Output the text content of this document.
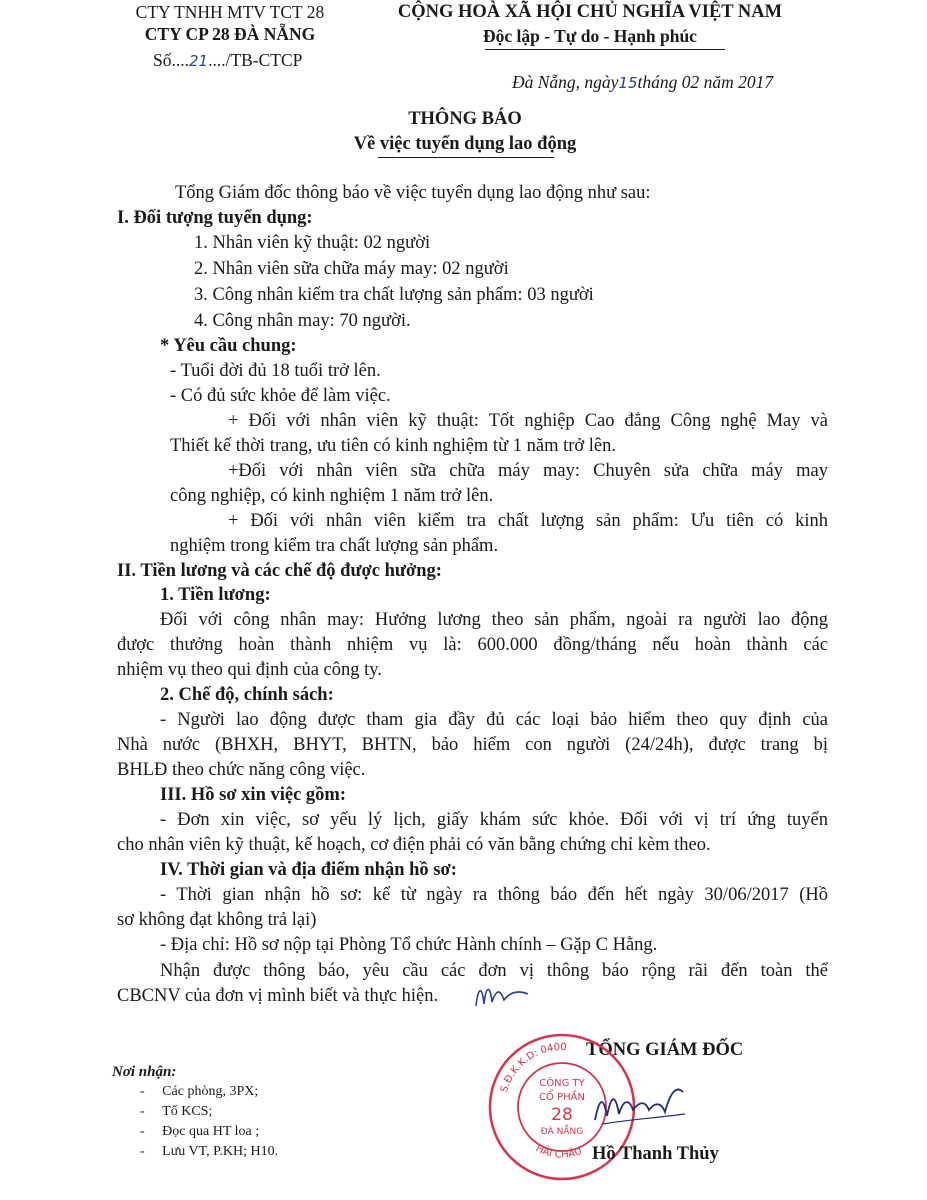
CTY TNHH MTV TCT 28
CTY CP 28 ĐÀ NẴNG
Số....21..../TB-CTCP
CỘNG HOÀ XÃ HỘI CHỦ NGHĨA VIỆT NAM
Độc lập - Tự do - Hạnh phúc
Đà Nẵng, ngày15tháng 02 năm 2017
THÔNG BÁO
Về việc tuyển dụng lao động
Tổng Giám đốc thông báo về việc tuyển dụng lao động như sau:
I. Đối tượng tuyển dụng:
1. Nhân viên kỹ thuật: 02 người
2. Nhân viên sữa chữa máy may: 02 người
3. Công nhân kiểm tra chất lượng sản phẩm: 03 người
4. Công nhân may: 70 người.
* Yêu cầu chung:
- Tuổi đời đủ 18 tuổi trở lên.
- Có đủ sức khỏe để làm việc.
+ Đối với nhân viên kỹ thuật: Tốt nghiệp Cao đẳng Công nghệ May và
Thiết kế thời trang, ưu tiên có kinh nghiệm từ 1 năm trở lên.
+Đối với nhân viên sữa chữa máy may: Chuyên sửa chữa máy may
công nghiệp, có kinh nghiệm 1 năm trở lên.
+ Đối với nhân viên kiểm tra chất lượng sản phẩm: Ưu tiên có kinh
nghiệm trong kiểm tra chất lượng sản phẩm.
II. Tiền lương và các chế độ được hưởng:
1. Tiền lương:
Đối với công nhân may: Hưởng lương theo sản phẩm, ngoài ra người lao động
được thưởng hoàn thành nhiệm vụ là: 600.000 đồng/tháng nếu hoàn thành các
nhiệm vụ theo qui định của công ty.
2. Chế độ, chính sách:
- Người lao động được tham gia đầy đủ các loại bảo hiểm theo quy định của
Nhà nước (BHXH, BHYT, BHTN, bảo hiểm con người (24/24h), được trang bị
BHLĐ theo chức năng công việc.
III. Hồ sơ xin việc gồm:
- Đơn xin việc, sơ yếu lý lịch, giấy khám sức khỏe. Đối với vị trí ứng tuyển
cho nhân viên kỹ thuật, kế hoạch, cơ điện phải có văn bằng chứng chỉ kèm theo.
IV. Thời gian và địa điểm nhận hồ sơ:
- Thời gian nhận hồ sơ: kể từ ngày ra thông báo đến hết ngày 30/06/2017 (Hồ
sơ không đạt không trả lại)
- Địa chỉ: Hồ sơ nộp tại Phòng Tổ chức Hành chính – Gặp C Hằng.
Nhận được thông báo, yêu cầu các đơn vị thông báo rộng rãi đến toàn thể
CBCNV của đơn vị mình biết và thực hiện.
Nơi nhận:
-     Các phòng, 3PX;
-     Tổ KCS;
-     Đọc qua HT loa ;
-     Lưu VT, P.KH; H10.
TỔNG GIÁM ĐỐC
S.Đ.K.K.D: 0400
HẢI CHÂU
CÔNG TY
CỔ PHẦN
28
ĐÀ NẴNG
Hồ Thanh Thủy
